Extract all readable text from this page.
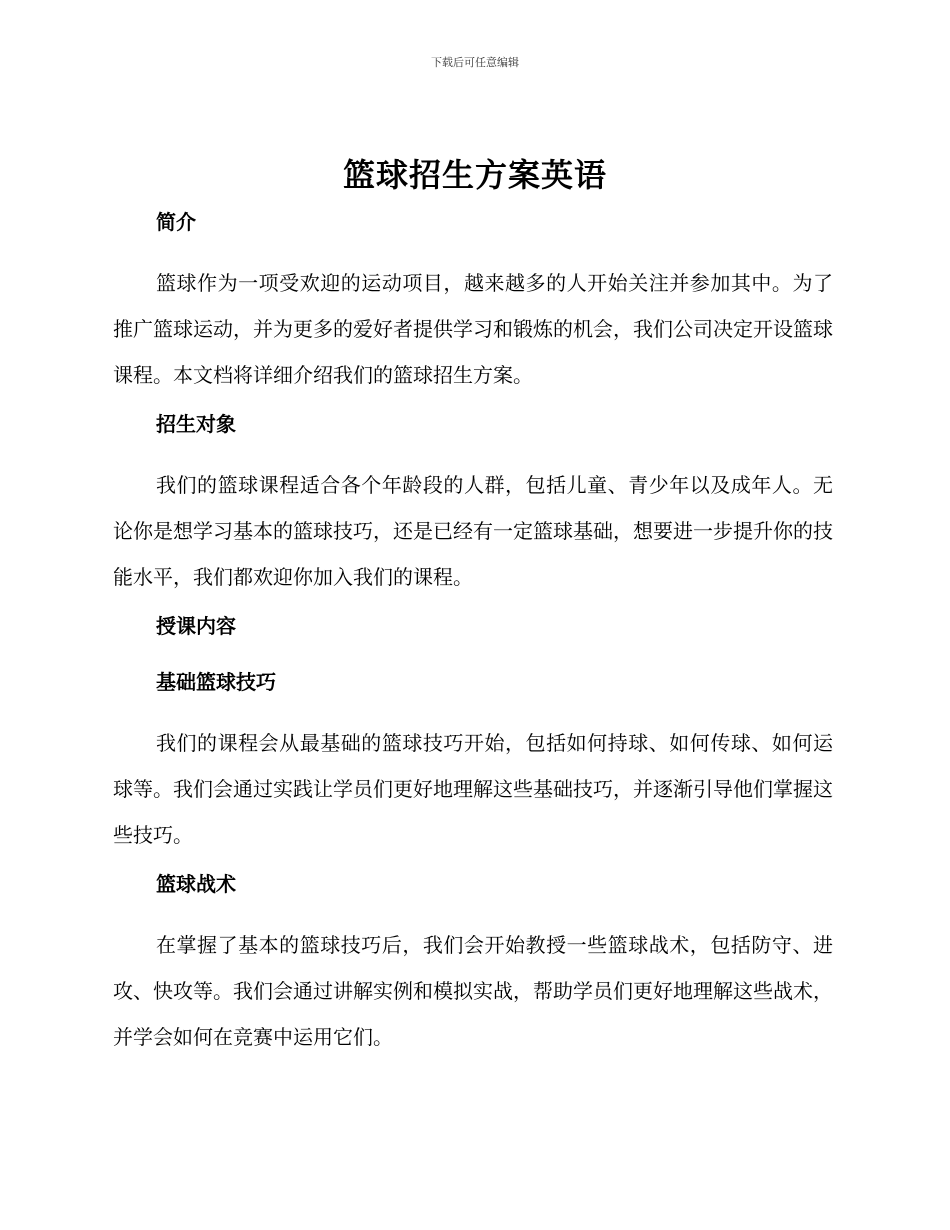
下载后可任意编辑
篮球招生方案英语
简介

篮球作为一项受欢迎的运动项目，越来越多的人开始关注并参加其中。为了推广篮球运动，并为更多的爱好者提供学习和锻炼的机会，我们公司决定开设篮球课程。本文档将详细介绍我们的篮球招生方案。

招生对象

我们的篮球课程适合各个年龄段的人群，包括儿童、青少年以及成年人。无论你是想学习基本的篮球技巧，还是已经有一定篮球基础，想要进一步提升你的技能水平，我们都欢迎你加入我们的课程。

授课内容
基础篮球技巧

我们的课程会从最基础的篮球技巧开始，包括如何持球、如何传球、如何运球等。我们会通过实践让学员们更好地理解这些基础技巧，并逐渐引导他们掌握这些技巧。

篮球战术

在掌握了基本的篮球技巧后，我们会开始教授一些篮球战术，包括防守、进攻、快攻等。我们会通过讲解实例和模拟实战，帮助学员们更好地理解这些战术，并学会如何在竞赛中运用它们。
